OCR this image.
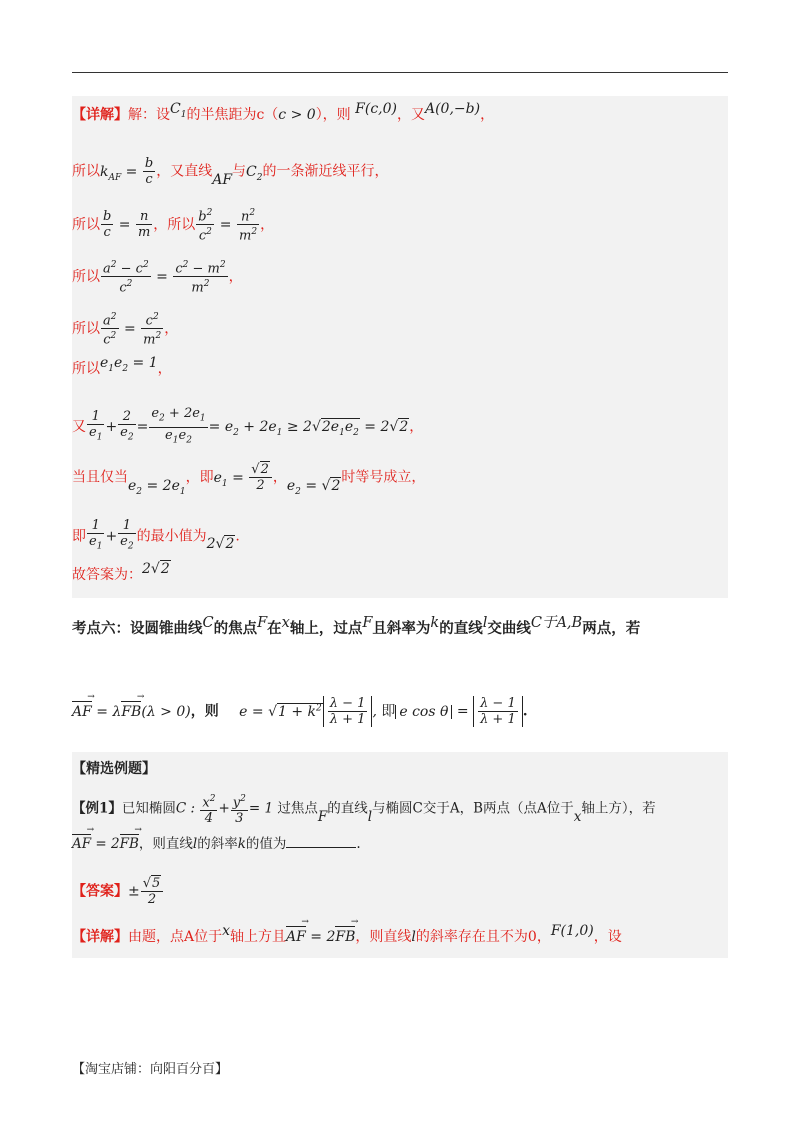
【详解】解：设$C_1$的半焦距为c（c > 0），则 F(c,0)，又A(0,−b)，
所以$k_{AF} = \frac{b}{c}$ ，又直线AF与$C_2$的一条渐近线平行，
所以 $\frac{b}{c} = \frac{n}{m}$ ，所以 $\frac{b^2}{c^2} = \frac{n^2}{m^2}$ ，
所以 $\frac{a^2 - c^2}{c^2} = \frac{c^2 - m^2}{m^2}$ ，
所以 $\frac{a^2}{c^2} = \frac{c^2}{m^2}$ ，
所以$e_1e_2 = 1$，
又 $\frac{1}{e_1} + \frac{2}{e_2} = \frac{e_2 + 2e_1}{e_1e_2} = e_2 + 2e_1 \ge 2√2e_1e_2 = 2√2$，
当且仅当$e_2 = 2e_1$，即$e_1 = \frac{√2}{2}$ ，$e_2 = √2$时等号成立，
即 $\frac{1}{e_1} + \frac{1}{e_2}$ 的最小值为2√2.
故答案为：2√2
考点六：设圆锥曲线C的焦点F在x轴上，过点F且斜率为k的直线l交曲线C于A,B两点，若
AF → = λFB →(λ > 0)，则 $e = √1 + k^2 \frac{\lambda - 1}{\lambda + 1}$ , 即 e $\cos \theta = \frac{\lambda - 1}{\lambda + 1}$ .
【精选例题】
【例1】已知椭圆C : $\frac{x^2}{4} + \frac{y^2}{3} = 1$ 过焦点F的直线l与椭圆C交于A，B两点（点A位于x轴上方），若
AF → = 2FB →，则直线l的斜率k的值为	.
【答案】± $\frac{√5}{2}$
【详解】由题，点A位于x轴上方且AF → = 2FB →，则直线l的斜率存在且不为0，F(1,0)，设
【淘宝店铺：向阳百分百】
